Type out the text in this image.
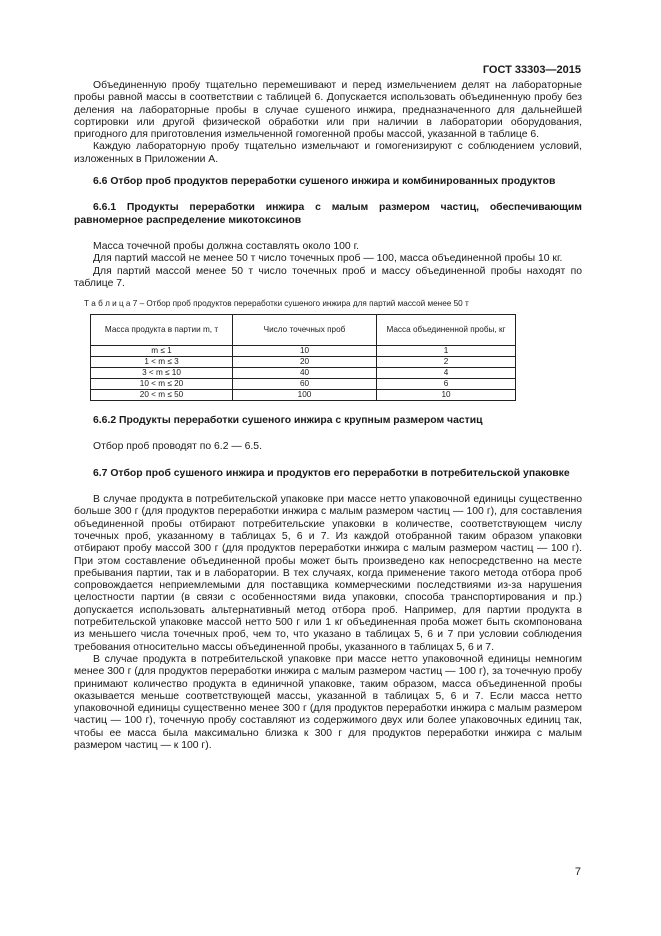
ГОСТ 33303—2015

Объединенную пробу тщательно перемешивают и перед измельчением делят на лабораторные пробы равной массы в соответствии с таблицей 6. Допускается использовать объединенную пробу без деления на лабораторные пробы в случае сушеного инжира, предназначенного для дальнейшей сортировки или другой физической обработки или при наличии в лаборатории оборудования, пригодного для приготовления измельченной гомогенной пробы массой, указанной в таблице 6.

Каждую лабораторную пробу тщательно измельчают и гомогенизируют с соблюдением условий, изложенных в Приложении А.

6.6 Отбор проб продуктов переработки сушеного инжира и комбинированных продуктов
6.6.1 Продукты переработки инжира с малым размером частиц, обеспечивающим равномерное распределение микотоксинов

Масса точечной пробы должна составлять около 100 г.

Для партий массой не менее 50 т число точечных проб — 100, масса объединенной пробы 10 кг.

Для партий массой менее 50 т число точечных проб и массу объединенной пробы находят по таблице 7.

Т а б л и ц а 7 – Отбор проб продуктов переработки сушеного инжира для партий массой менее 50 т
Масса продукта в партии m, т	Число точечных проб	Масса объединенной пробы, кг
m ≤ 1	10	1
1 < m ≤ 3	20	2
3 < m ≤ 10	40	4
10 < m ≤ 20	60	6
20 < m ≤ 50	100	10
6.6.2 Продукты переработки сушеного инжира с крупным размером частиц

Отбор проб проводят по 6.2 — 6.5.

6.7 Отбор проб сушеного инжира и продуктов его переработки в потребительской упаковке

В случае продукта в потребительской упаковке при массе нетто упаковочной единицы существенно больше 300 г (для продуктов переработки инжира с малым размером частиц — 100 г), для составления объединенной пробы отбирают потребительские упаковки в количестве, соответствующем числу точечных проб, указанному в таблицах 5, 6 и 7. Из каждой отобранной таким образом упаковки отбирают пробу массой 300 г (для продуктов переработки инжира с малым размером частиц — 100 г). При этом составление объединенной пробы может быть произведено как непосредственно на месте пребывания партии, так и в лаборатории. В тех случаях, когда применение такого метода отбора проб сопровождается неприемлемыми для поставщика коммерческими последствиями из-за нарушения целостности партии (в связи с особенностями вида упаковки, способа транспортирования и пр.) допускается использовать альтернативный метод отбора проб. Например, для партии продукта в потребительской упаковке массой нетто 500 г или 1 кг объединенная проба может быть скомпонована из меньшего числа точечных проб, чем то, что указано в таблицах 5, 6 и 7 при условии соблюдения требования относительно массы объединенной пробы, указанного в таблицах 5, 6 и 7.

В случае продукта в потребительской упаковке при массе нетто упаковочной единицы немногим менее 300 г (для продуктов переработки инжира с малым размером частиц — 100 г), за точечную пробу принимают количество продукта в единичной упаковке, таким образом, масса объединенной пробы оказывается меньше соответствующей массы, указанной в таблицах 5, 6 и 7. Если масса нетто упаковочной единицы существенно менее 300 г (для продуктов переработки инжира с малым размером частиц — 100 г), точечную пробу составляют из содержимого двух или более упаковочных единиц так, чтобы ее масса была максимально близка к 300 г для продуктов переработки инжира с малым размером частиц — к 100 г).

7
